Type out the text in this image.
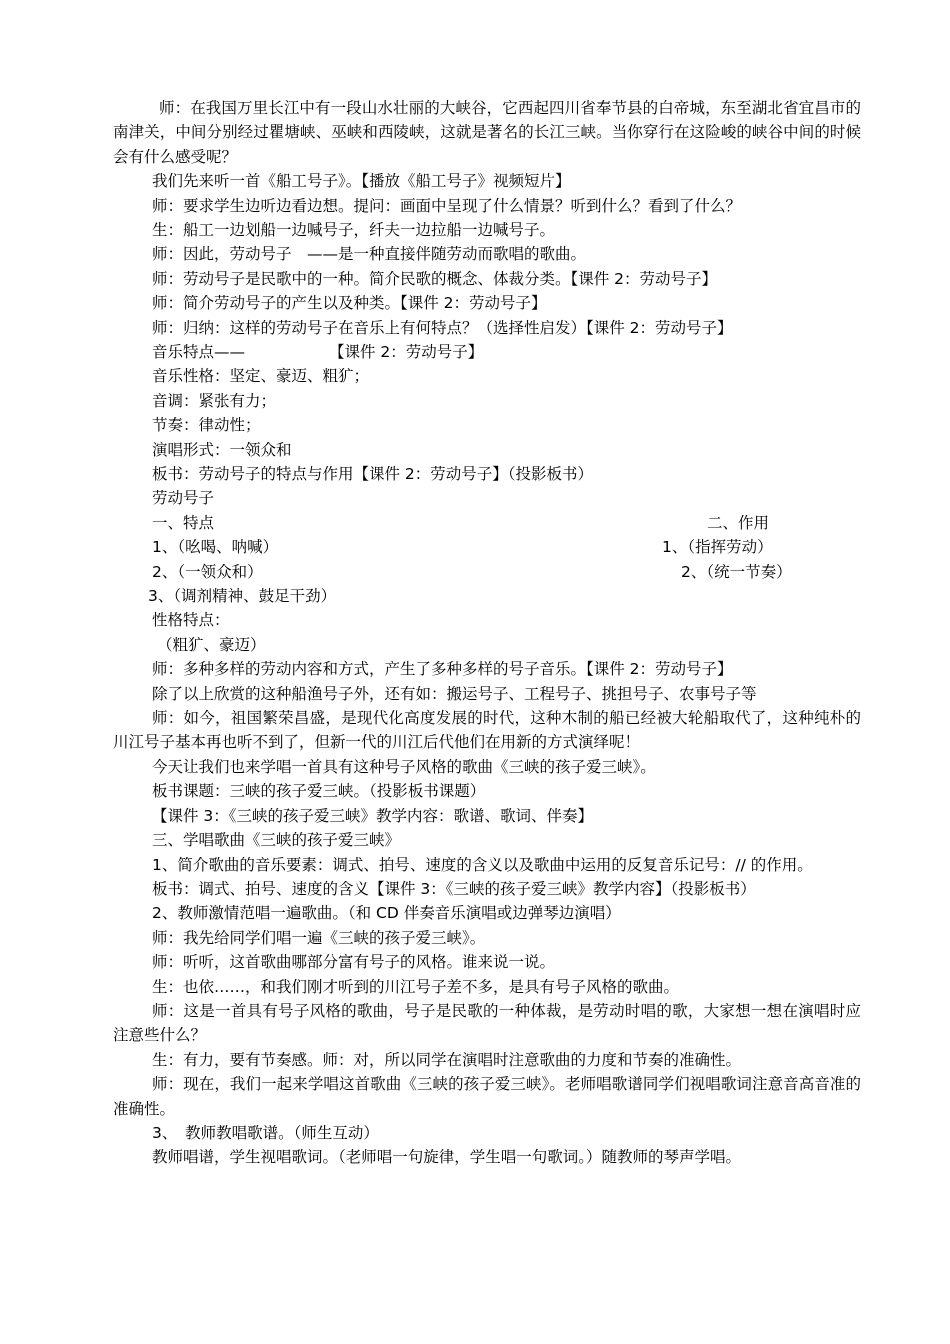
师：在我国万里长江中有一段山水壮丽的大峡谷，它西起四川省奉节县的白帝城，东至湖北省宜昌市的南津关，中间分别经过瞿塘峡、巫峡和西陵峡，这就是著名的长江三峡。当你穿行在这险峻的峡谷中间的时候会有什么感受呢？

我们先来听一首《船工号子》。【播放《船工号子》视频短片】

师：要求学生边听边看边想。提问：画面中呈现了什么情景？听到什么？看到了什么？

生：船工一边划船一边喊号子，纤夫一边拉船一边喊号子。

师：因此，劳动号子　——是一种直接伴随劳动而歌唱的歌曲。

师：劳动号子是民歌中的一种。简介民歌的概念、体裁分类。【课件 2：劳动号子】

师：简介劳动号子的产生以及种类。【课件 2：劳动号子】

师：归纳：这样的劳动号子在音乐上有何特点？（选择性启发）【课件 2：劳动号子】

音乐特点——	【课件 2：劳动号子】

音乐性格：坚定、豪迈、粗犷；

音调：紧张有力；

节奏：律动性；

演唱形式：一领众和

板书：劳动号子的特点与作用【课件 2：劳动号子】（投影板书）

劳动号子

一、特点	二、作用
1、（吆喝、呐喊）	1、（指挥劳动）
2、（一领众和）	2、（统一节奏）
3、（调剂精神、鼓足干劲）

性格特点：

（粗犷、豪迈）

师：多种多样的劳动内容和方式，产生了多种多样的号子音乐。【课件 2：劳动号子】

除了以上欣赏的这种船渔号子外，还有如：搬运号子、工程号子、挑担号子、农事号子等

师：如今，祖国繁荣昌盛，是现代化高度发展的时代，这种木制的船已经被大轮船取代了，这种纯朴的川江号子基本再也听不到了，但新一代的川江后代他们在用新的方式演绎呢！

今天让我们也来学唱一首具有这种号子风格的歌曲《三峡的孩子爱三峡》。

板书课题：三峡的孩子爱三峡。（投影板书课题）

【课件 3：《三峡的孩子爱三峡》教学内容：歌谱、歌词、伴奏】

三、学唱歌曲《三峡的孩子爱三峡》

1、简介歌曲的音乐要素：调式、拍号、速度的含义以及歌曲中运用的反复音乐记号：// 的作用。

板书：调式、拍号、速度的含义【课件 3：《三峡的孩子爱三峡》教学内容】（投影板书）

2、教师激情范唱一遍歌曲。（和 CD 伴奏音乐演唱或边弹琴边演唱）

师：我先给同学们唱一遍《三峡的孩子爱三峡》。

师：听听，这首歌曲哪部分富有号子的风格。谁来说一说。

生：也依……，和我们刚才听到的川江号子差不多，是具有号子风格的歌曲。

师：这是一首具有号子风格的歌曲，号子是民歌的一种体裁，是劳动时唱的歌，大家想一想在演唱时应注意些什么？

生：有力，要有节奏感。师：对，所以同学在演唱时注意歌曲的力度和节奏的准确性。

师：现在，我们一起来学唱这首歌曲《三峡的孩子爱三峡》。老师唱歌谱同学们视唱歌词注意音高音准的准确性。

3、　教师教唱歌谱。（师生互动）

教师唱谱，学生视唱歌词。（老师唱一句旋律，学生唱一句歌词。）随教师的琴声学唱。
